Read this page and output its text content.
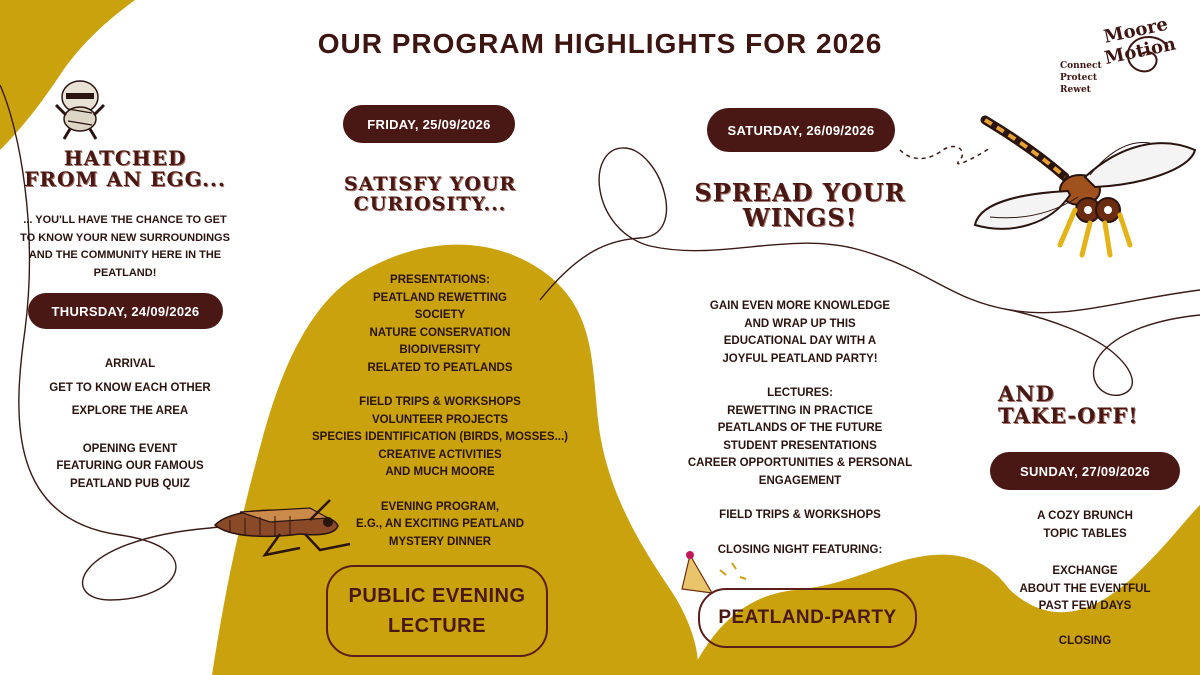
OUR PROGRAM HIGHLIGHTS FOR 2026	Moore Motion
Connect
Protect
Rewet
HATCHED
FROM AN EGG...
... YOU'LL HAVE THE CHANCE TO GET
TO KNOW YOUR NEW SURROUNDINGS
AND THE COMMUNITY HERE IN THE
PEATLAND!
THURSDAY, 24/09/2026
ARRIVAL
GET TO KNOW EACH OTHER
EXPLORE THE AREA
OPENING EVENT
FEATURING OUR FAMOUS
PEATLAND PUB QUIZ
FRIDAY, 25/09/2026
SATISFY YOUR
CURIOSITY...
PRESENTATIONS:
PEATLAND REWETTING
SOCIETY
NATURE CONSERVATION
BIODIVERSITY
RELATED TO PEATLANDS
FIELD TRIPS & WORKSHOPS
VOLUNTEER PROJECTS
SPECIES IDENTIFICATION (BIRDS, MOSSES...)
CREATIVE ACTIVITIES
AND MUCH MOORE
EVENING PROGRAM,
E.G., AN EXCITING PEATLAND
MYSTERY DINNER
PUBLIC EVENING
LECTURE
SATURDAY, 26/09/2026
SPREAD YOUR
WINGS!
GAIN EVEN MORE KNOWLEDGE
AND WRAP UP THIS
EDUCATIONAL DAY WITH A
JOYFUL PEATLAND PARTY!
LECTURES:
REWETTING IN PRACTICE
PEATLANDS OF THE FUTURE
STUDENT PRESENTATIONS
CAREER OPPORTUNITIES & PERSONAL
ENGAGEMENT
FIELD TRIPS & WORKSHOPS
CLOSING NIGHT FEATURING:
PEATLAND-PARTY
AND
TAKE-OFF!
SUNDAY, 27/09/2026
A COZY BRUNCH
TOPIC TABLES
EXCHANGE
ABOUT THE EVENTFUL
PAST FEW DAYS
CLOSING
